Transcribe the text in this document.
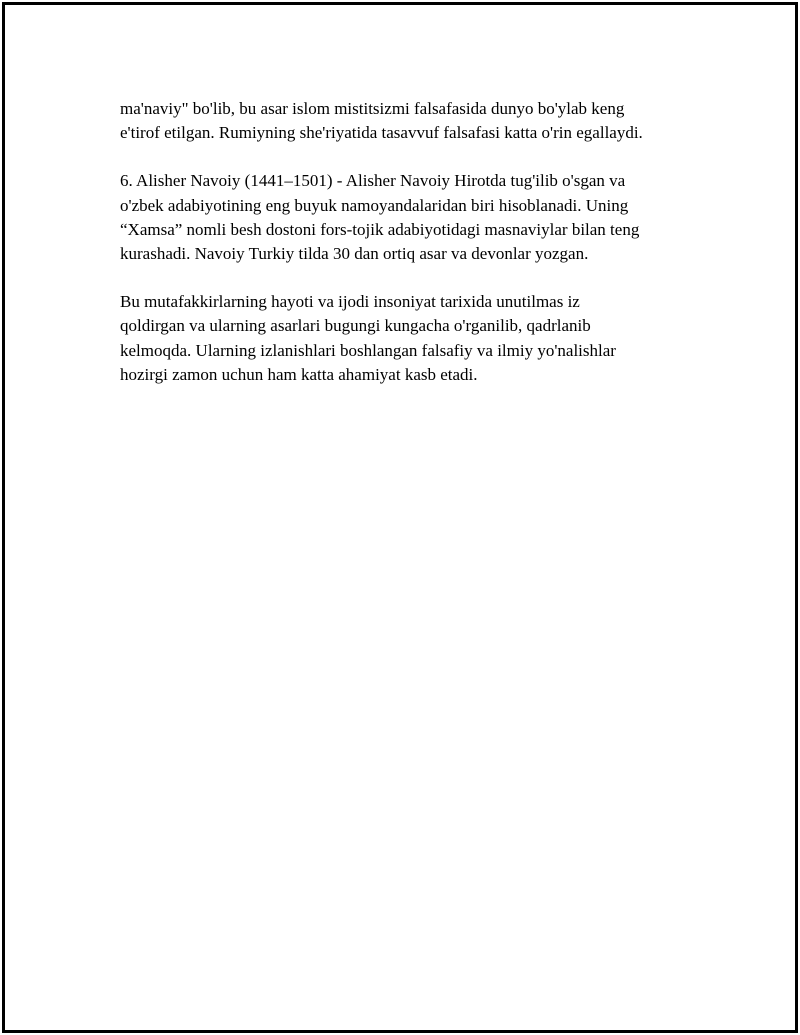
ma'naviy" bo'lib, bu asar islom mistitsizmi falsafasida dunyo bo'ylab keng
e'tirof etilgan. Rumiyning she'riyatida tasavvuf falsafasi katta o'rin egallaydi.

6. Alisher Navoiy (1441–1501) - Alisher Navoiy Hirotda tug'ilib o'sgan va
o'zbek adabiyotining eng buyuk namoyandalaridan biri hisoblanadi. Uning
“Xamsa” nomli besh dostoni fors-tojik adabiyotidagi masnaviylar bilan teng
kurashadi. Navoiy Turkiy tilda 30 dan ortiq asar va devonlar yozgan.

Bu mutafakkirlarning hayoti va ijodi insoniyat tarixida unutilmas iz
qoldirgan va ularning asarlari bugungi kungacha o'rganilib, qadrlanib
kelmoqda. Ularning izlanishlari boshlangan falsafiy va ilmiy yo'nalishlar
hozirgi zamon uchun ham katta ahamiyat kasb etadi.
